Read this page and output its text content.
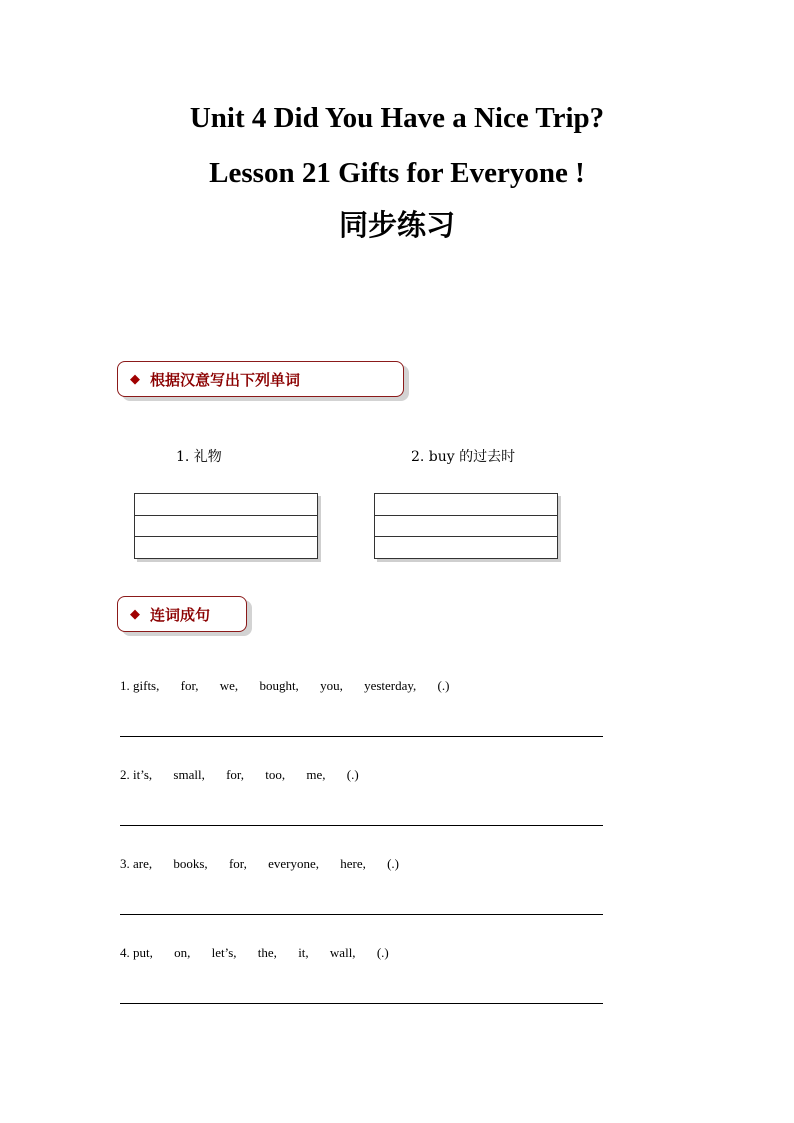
Unit 4 Did You Have a Nice Trip?
Lesson 21 Gifts for Everyone !
同步练习
◆ 根据汉意写出下列单词
1. 礼物	2. buy 的过去时

◆ 连词成句
1. gifts, for, we, bought, you, yesterday, (.)
2. it’s, small, for, too, me, (.)
3. are, books, for, everyone, here, (.)
4. put, on, let’s, the, it, wall, (.)
